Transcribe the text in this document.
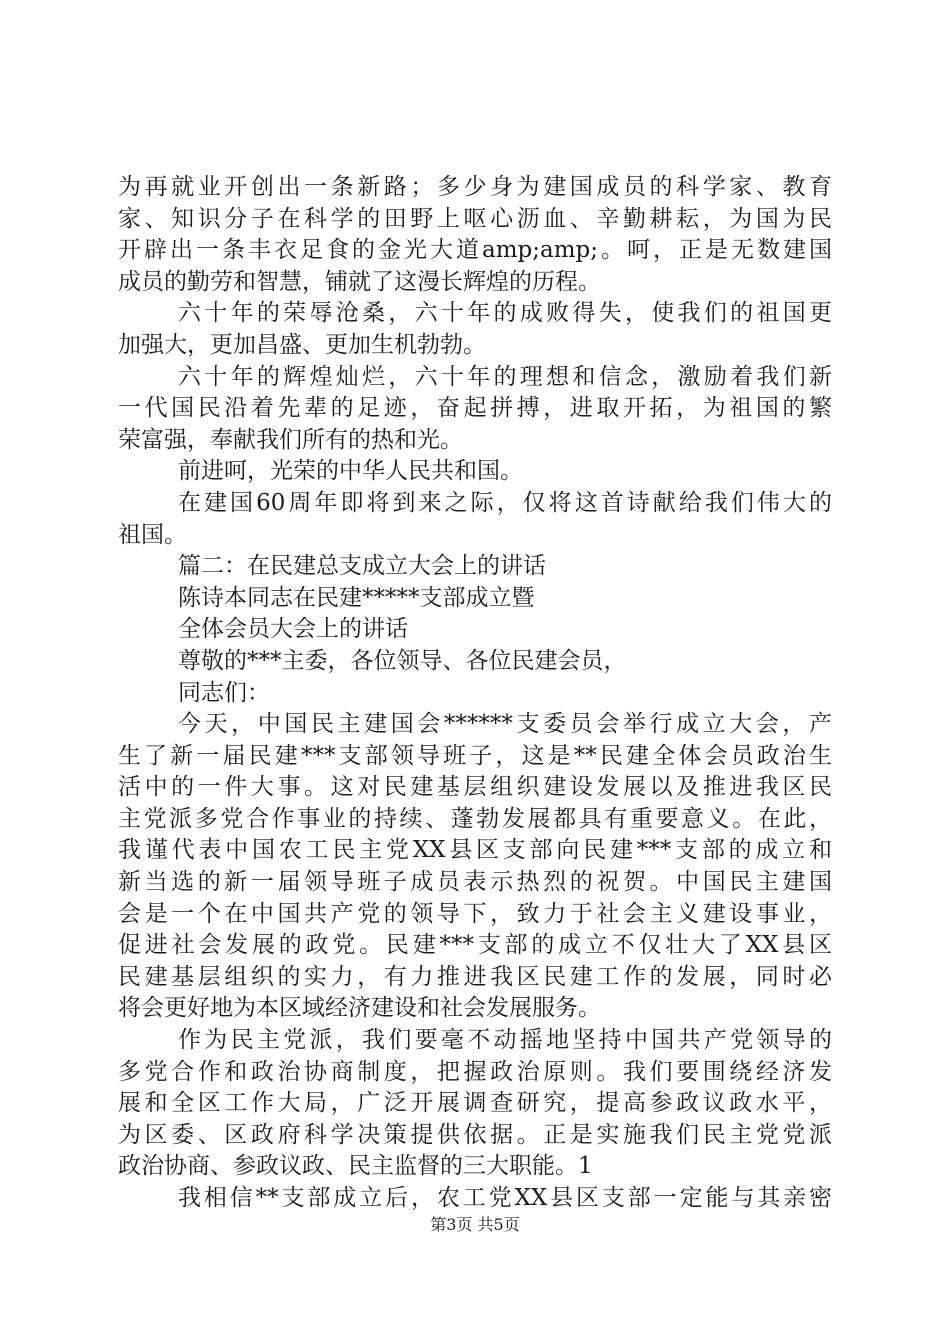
为再就业开创出一条新路；多少身为建国成员的科学家、教育
家、知识分子在科学的田野上呕心沥血、辛勤耕耘，为国为民
开辟出一条丰衣足食的金光大道amp;amp;。呵，正是无数建国
成员的勤劳和智慧，铺就了这漫长辉煌的历程。
六十年的荣辱沧桑，六十年的成败得失，使我们的祖国更
加强大，更加昌盛、更加生机勃勃。
六十年的辉煌灿烂，六十年的理想和信念，激励着我们新
一代国民沿着先辈的足迹，奋起拼搏，进取开拓，为祖国的繁
荣富强，奉献我们所有的热和光。
前进呵，光荣的中华人民共和国。
在建国60周年即将到来之际，仅将这首诗献给我们伟大的
祖国。
篇二：在民建总支成立大会上的讲话
陈诗本同志在民建*****支部成立暨
全体会员大会上的讲话
尊敬的***主委，各位领导、各位民建会员，
同志们：
今天，中国民主建国会******支委员会举行成立大会，产
生了新一届民建***支部领导班子，这是**民建全体会员政治生
活中的一件大事。这对民建基层组织建设发展以及推进我区民
主党派多党合作事业的持续、蓬勃发展都具有重要意义。在此，
我谨代表中国农工民主党XX县区支部向民建***支部的成立和
新当选的新一届领导班子成员表示热烈的祝贺。中国民主建国
会是一个在中国共产党的领导下，致力于社会主义建设事业，
促进社会发展的政党。民建***支部的成立不仅壮大了XX县区
民建基层组织的实力，有力推进我区民建工作的发展，同时必
将会更好地为本区域经济建设和社会发展服务。
作为民主党派，我们要毫不动摇地坚持中国共产党领导的
多党合作和政治协商制度，把握政治原则。我们要围绕经济发
展和全区工作大局，广泛开展调查研究，提高参政议政水平，
为区委、区政府科学决策提供依据。正是实施我们民主党党派
政治协商、参政议政、民主监督的三大职能。1
我相信**支部成立后，农工党XX县区支部一定能与其亲密
第3页 共5页
